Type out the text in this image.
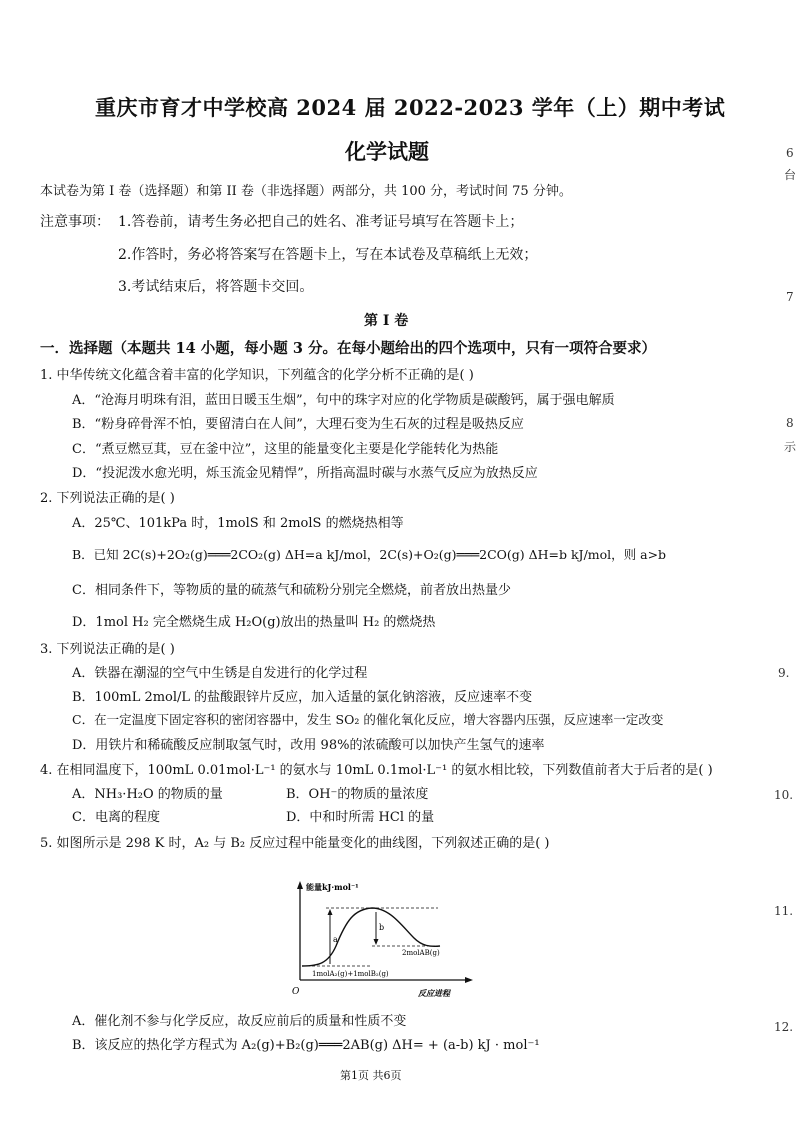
重庆市育才中学校高 2024 届 2022-2023 学年（上）期中考试
化学试题
本试卷为第 I 卷（选择题）和第 II 卷（非选择题）两部分，共 100 分，考试时间 75 分钟。
注意事项： 1.答卷前，请考生务必把自己的姓名、准考证号填写在答题卡上；
2.作答时，务必将答案写在答题卡上，写在本试卷及草稿纸上无效；
3.考试结束后，将答题卡交回。
第 I 卷
一．选择题（本题共 14 小题，每小题 3 分。在每小题给出的四个选项中，只有一项符合要求）
1. 中华传统文化蕴含着丰富的化学知识，下列蕴含的化学分析不正确的是( )
A．“沧海月明珠有泪，蓝田日暖玉生烟”，句中的珠字对应的化学物质是碳酸钙，属于强电解质
B．“粉身碎骨浑不怕，要留清白在人间”，大理石变为生石灰的过程是吸热反应
C．“煮豆燃豆萁，豆在釜中泣”，这里的能量变化主要是化学能转化为热能
D．“投泥泼水愈光明，烁玉流金见精悍”，所指高温时碳与水蒸气反应为放热反应
2. 下列说法正确的是( )
A．25℃、101kPa 时，1molS 和 2molS 的燃烧热相等
B．已知 2C(s)+2O₂(g)═══2CO₂(g) ΔH=a kJ/mol，2C(s)+O₂(g)═══2CO(g) ΔH=b kJ/mol，则 a>b
C．相同条件下，等物质的量的硫蒸气和硫粉分别完全燃烧，前者放出热量少
D．1mol H₂ 完全燃烧生成 H₂O(g)放出的热量叫 H₂ 的燃烧热
3. 下列说法正确的是( )
A．铁器在潮湿的空气中生锈是自发进行的化学过程
B．100mL 2mol/L 的盐酸跟锌片反应，加入适量的氯化钠溶液，反应速率不变
C．在一定温度下固定容积的密闭容器中，发生 SO₂ 的催化氧化反应，增大容器内压强，反应速率一定改变
D．用铁片和稀硫酸反应制取氢气时，改用 98%的浓硫酸可以加快产生氢气的速率
4. 在相同温度下，100mL 0.01mol·L⁻¹ 的氨水与 10mL 0.1mol·L⁻¹ 的氨水相比较，下列数值前者大于后者的是( )
A．NH₃·H₂O 的物质的量	B．OH⁻的物质的量浓度
C．电离的程度	D．中和时所需 HCl 的量
5. 如图所示是 298 K 时，A₂ 与 B₂ 反应过程中能量变化的曲线图，下列叙述正确的是( )
a
b
能量kJ·mol⁻¹
反应进程
O
1molA₂(g)+1molB₂(g)
2molAB(g)
A．催化剂不参与化学反应，故反应前后的质量和性质不变
B．该反应的热化学方程式为 A₂(g)+B₂(g)═══2AB(g) ΔH= + (a-b) kJ · mol⁻¹
6
台
7
8
示
9.
10.
11.
12.
第1页 共6页
